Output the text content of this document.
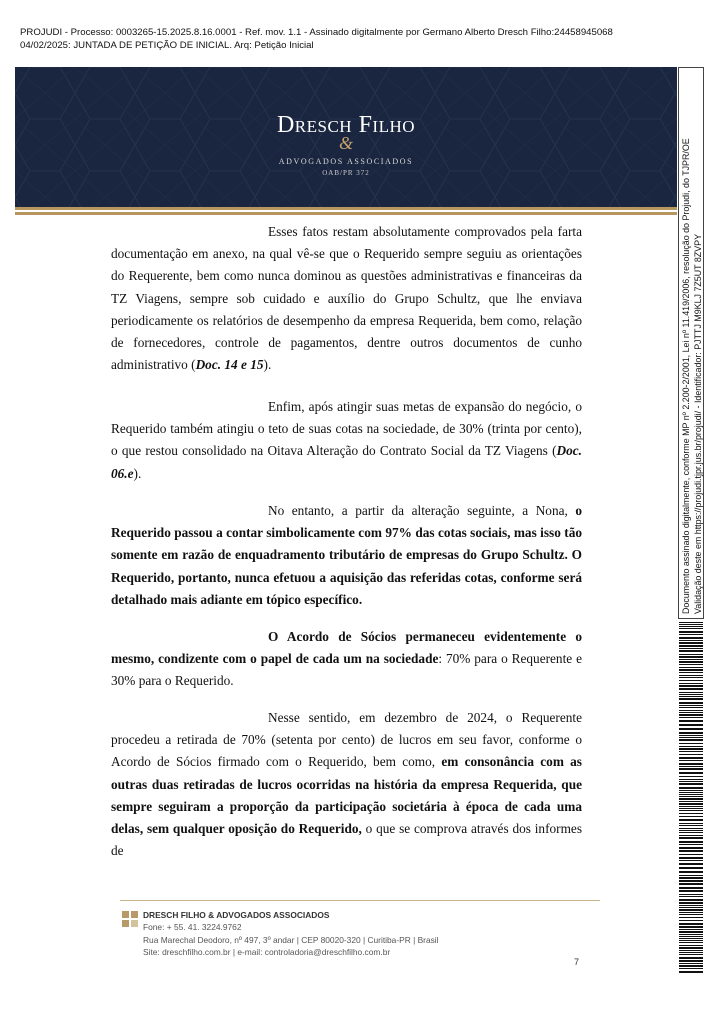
PROJUDI - Processo: 0003265-15.2025.8.16.0001 - Ref. mov. 1.1 - Assinado digitalmente por Germano Alberto Dresch Filho:24458945068
04/02/2025: JUNTADA DE PETIÇÃO DE INICIAL. Arq: Petição Inicial
Dresch Filho
&
ADVOGADOS ASSOCIADOS
OAB/PR 372

Esses fatos restam absolutamente comprovados pela farta documentação em anexo, na qual vê-se que o Requerido sempre seguiu as orientações do Requerente, bem como nunca dominou as questões administrativas e financeiras da TZ Viagens, sempre sob cuidado e auxílio do Grupo Schultz, que lhe enviava periodicamente os relatórios de desempenho da empresa Requerida, bem como, relação de fornecedores, controle de pagamentos, dentre outros documentos de cunho administrativo (Doc. 14 e 15).

Enfim, após atingir suas metas de expansão do negócio, o Requerido também atingiu o teto de suas cotas na sociedade, de 30% (trinta por cento), o que restou consolidado na Oitava Alteração do Contrato Social da TZ Viagens (Doc. 06.e).

No entanto, a partir da alteração seguinte, a Nona, o Requerido passou a contar simbolicamente com 97% das cotas sociais, mas isso tão somente em razão de enquadramento tributário de empresas do Grupo Schultz. O Requerido, portanto, nunca efetuou a aquisição das referidas cotas, conforme será detalhado mais adiante em tópico específico.

O Acordo de Sócios permaneceu evidentemente o mesmo, condizente com o papel de cada um na sociedade: 70% para o Requerente e 30% para o Requerido.

Nesse sentido, em dezembro de 2024, o Requerente procedeu a retirada de 70% (setenta por cento) de lucros em seu favor, conforme o Acordo de Sócios firmado com o Requerido, bem como, em consonância com as outras duas retiradas de lucros ocorridas na história da empresa Requerida, que sempre seguiram a proporção da participação societária à época de cada uma delas, sem qualquer oposição do Requerido, o que se comprova através dos informes de

DRESCH FILHO & ADVOGADOS ASSOCIADOS
Fone: + 55. 41. 3224.9762
Rua Marechal Deodoro, nº 497, 3º andar | CEP 80020-320 | Curitiba-PR | Brasil
Site: dreschfilho.com.br | e-mail: controladoria@dreschfilho.com.br
7
Documento assinado digitalmente, conforme MP nº 2.200-2/2001, Lei nº 11.419/2006, resolução do Projudi, do TJPR/OE Validação deste em https://projudi.tjpr.jus.br/projudi/ - Identificador: PJTTJ M9KLJ 7Z5UT 8ZVPY
